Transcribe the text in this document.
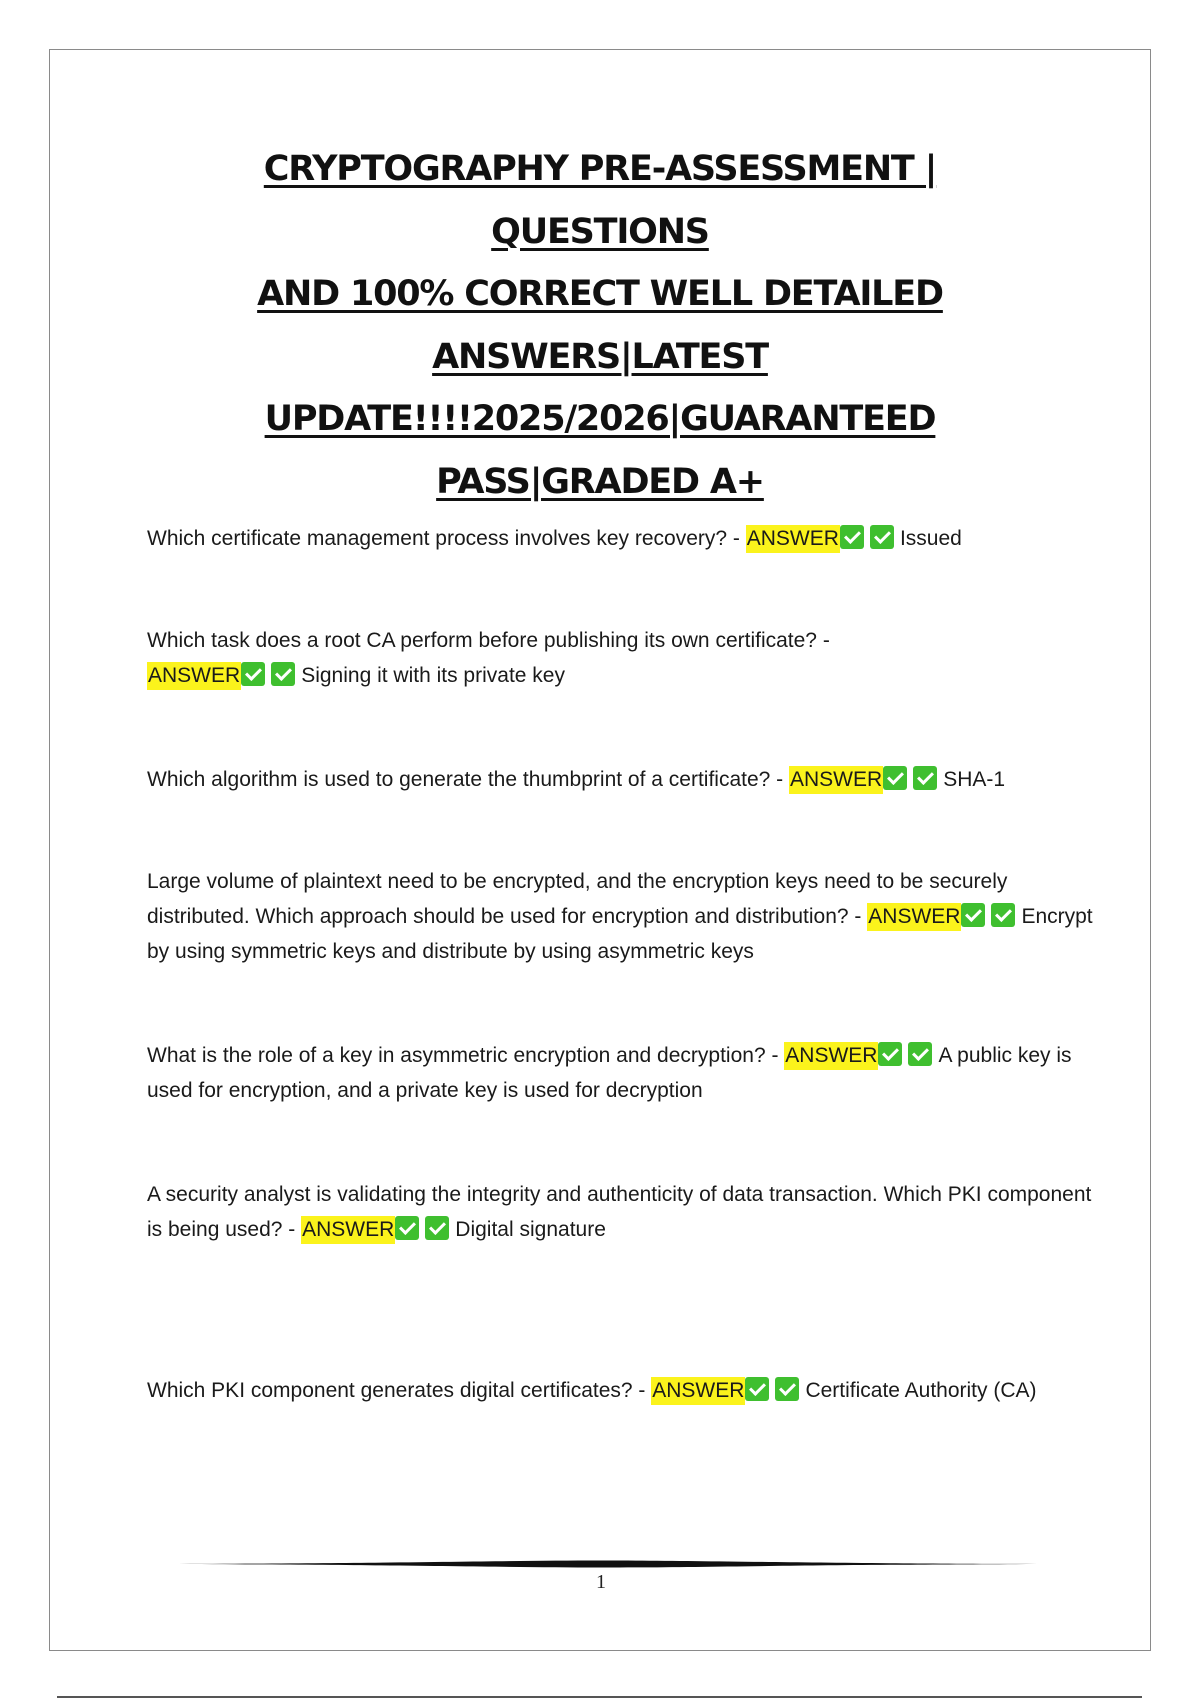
CRYPTOGRAPHY PRE-ASSESSMENT | QUESTIONS
AND 100% CORRECT WELL DETAILED
ANSWERS|LATEST
UPDATE!!!!2025/2026|GUARANTEED
PASS|GRADED A+
Which certificate management process involves key recovery? - ANSWER	Issued
Which task does a root CA perform before publishing its own certificate? -
ANSWER	Signing it with its private key
Which algorithm is used to generate the thumbprint of a certificate? - ANSWER	SHA-1
Large volume of plaintext need to be encrypted, and the encryption keys need to be securely distributed. Which approach should be used for encryption and distribution? - ANSWER	Encrypt by using symmetric keys and distribute by using asymmetric keys
What is the role of a key in asymmetric encryption and decryption? - ANSWER	A public key is used for encryption, and a private key is used for decryption
A security analyst is validating the integrity and authenticity of data transaction. Which PKI component is being used? - ANSWER	Digital signature
Which PKI component generates digital certificates? - ANSWER	Certificate Authority (CA)
1
